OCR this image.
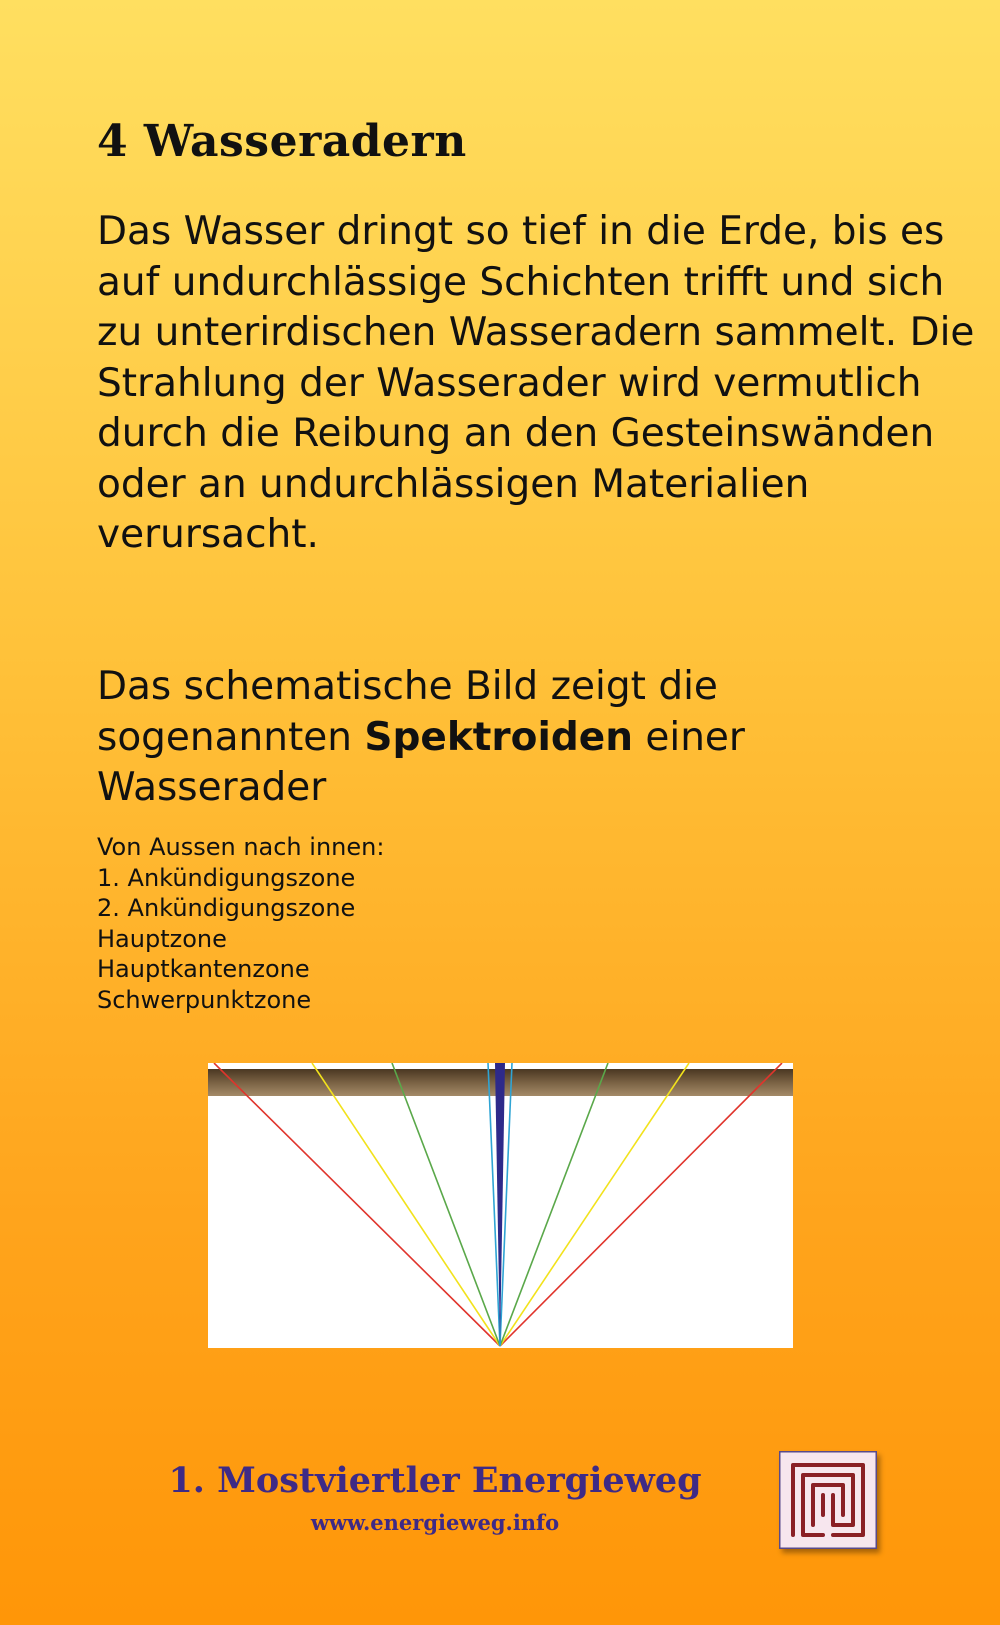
4 Wasseradern

Das Wasser dringt so tief in die Erde, bis es auf undurchlässige Schichten trifft und sich zu unterirdischen Wasseradern sammelt. Die Strahlung der Wasserader wird vermutlich durch die Reibung an den Gesteinswänden oder an undurchlässigen Materialien verursacht.

Das schematische Bild zeigt die sogenannten Spektroiden einer Wasserader

Von Aussen nach innen:
1. Ankündigungszone
2. Ankündigungszone
Hauptzone
Hauptkantenzone
Schwerpunktzone
1. Mostviertler Energieweg
www.energieweg.info
